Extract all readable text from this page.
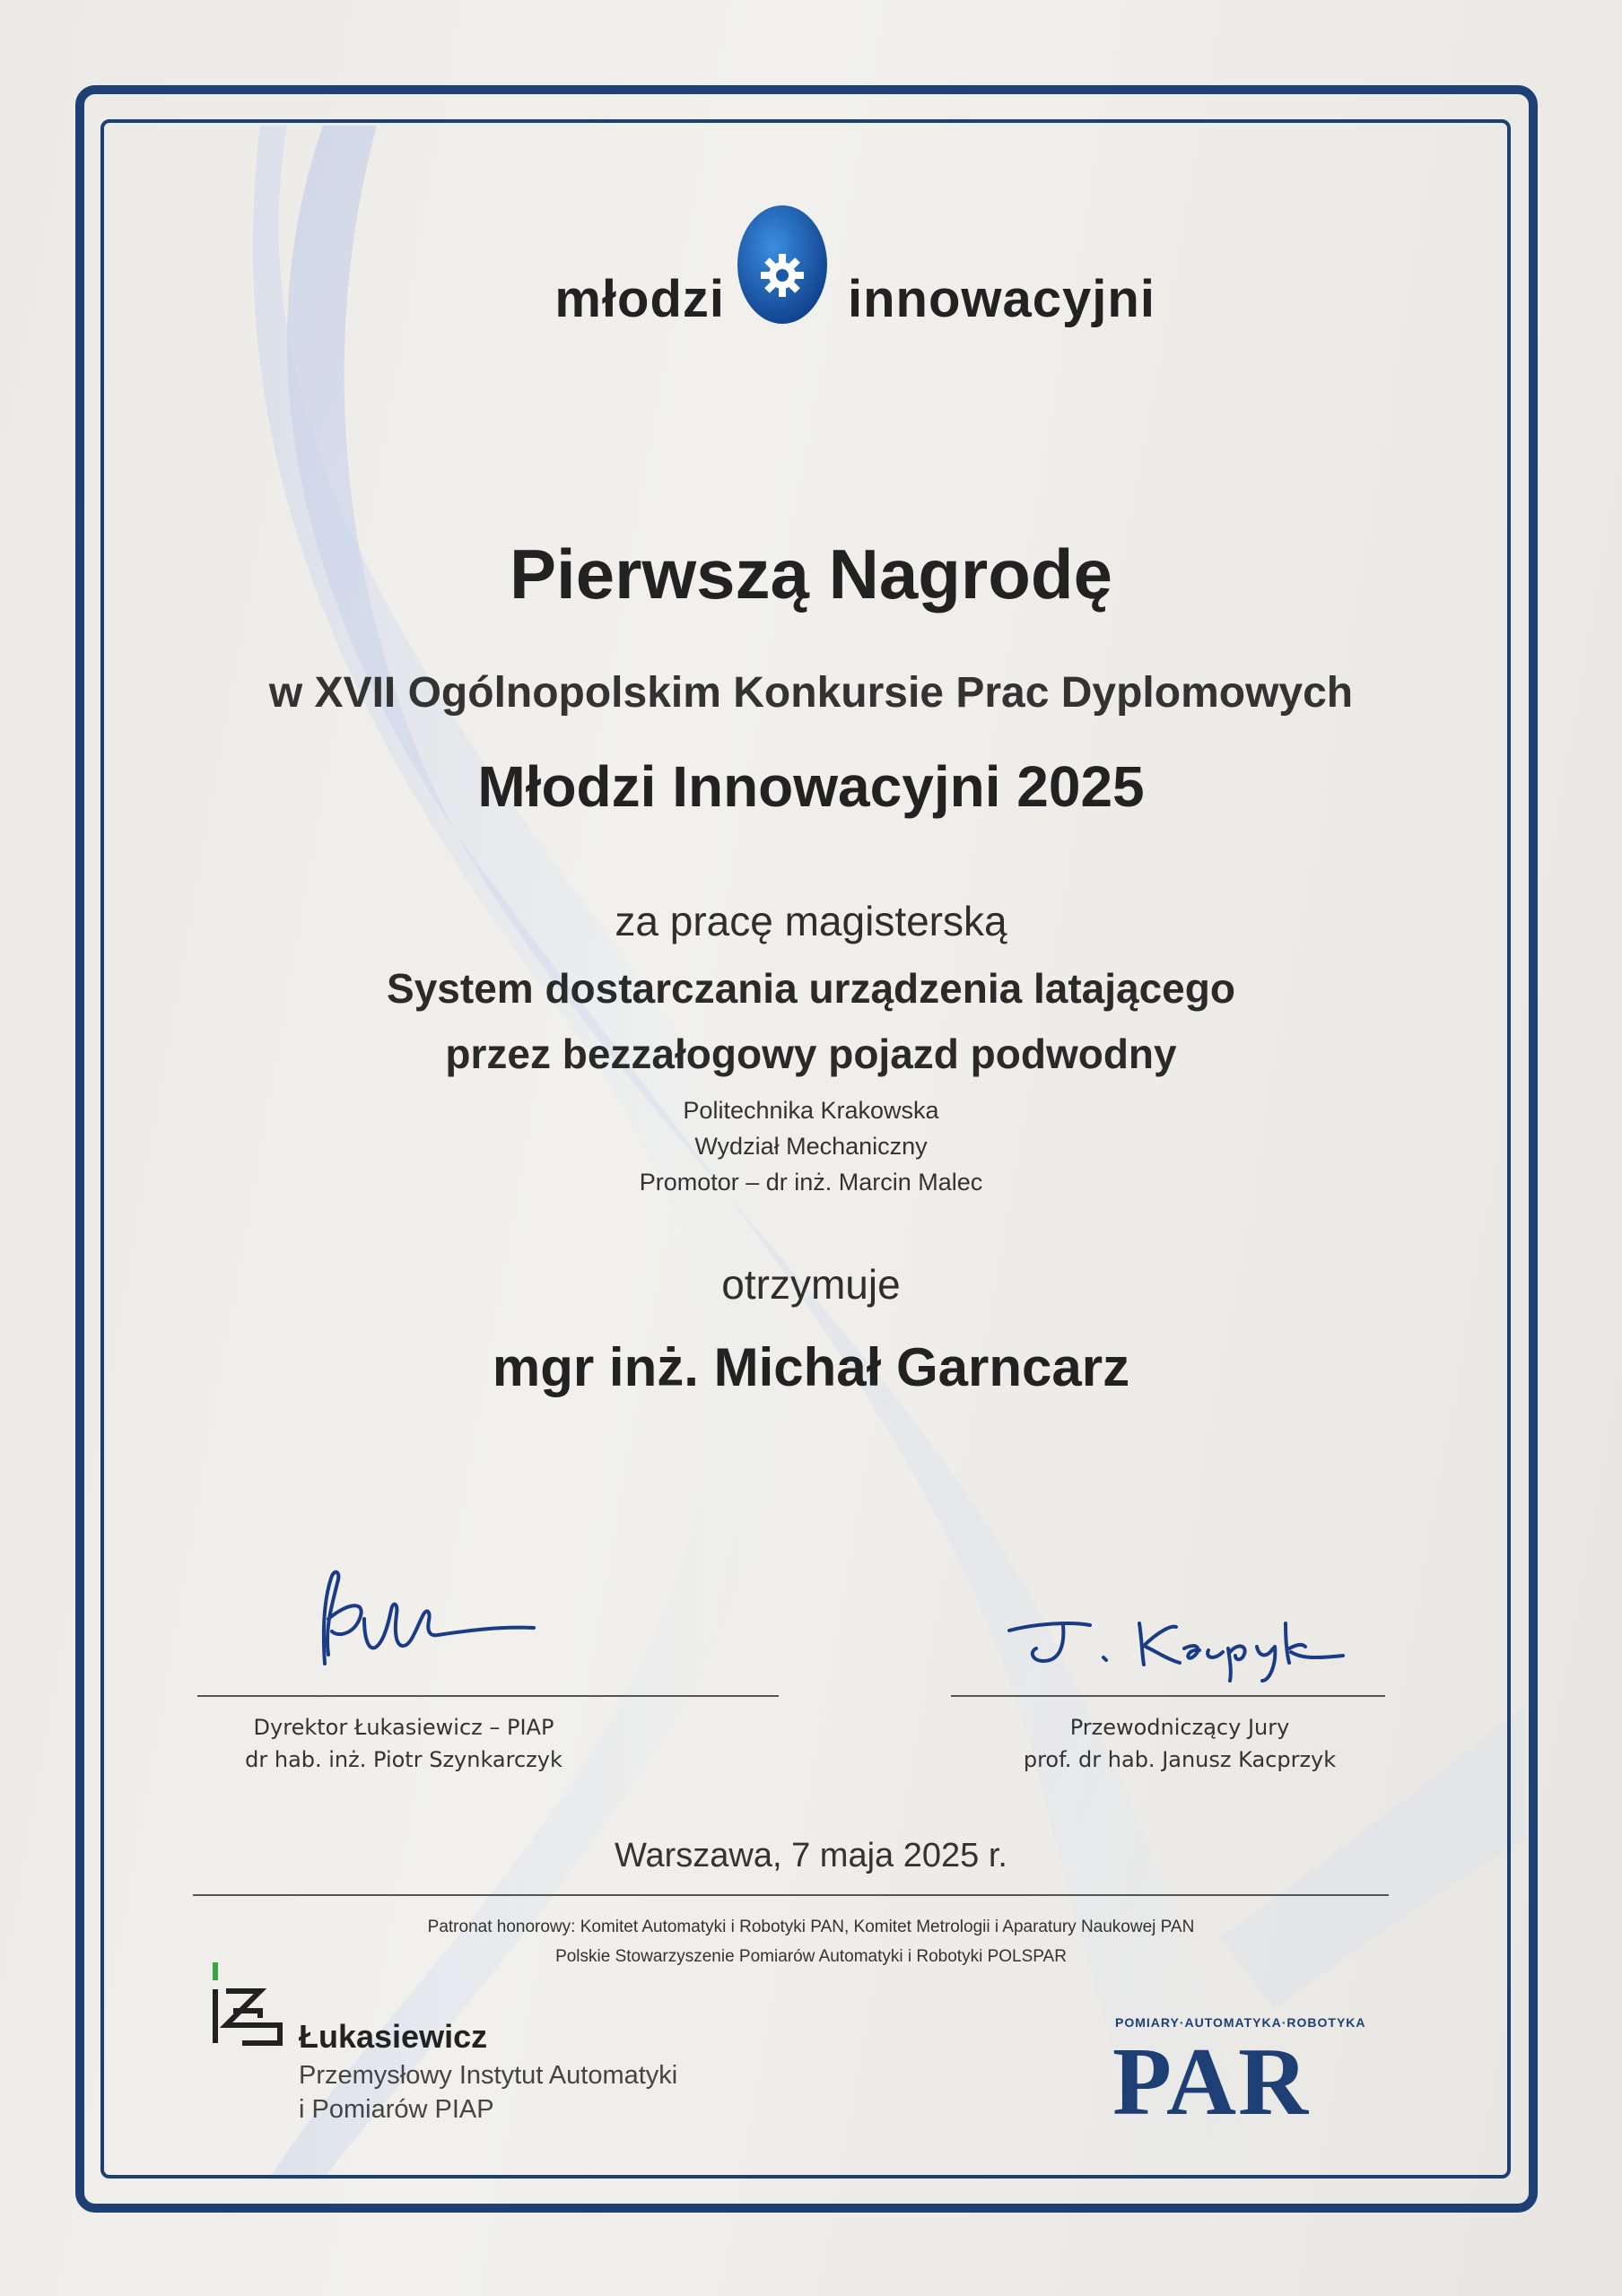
młodzi innowacyjni
Pierwszą Nagrodę
w XVII Ogólnopolskim Konkursie Prac Dyplomowych
Młodzi Innowacyjni 2025
za pracę magisterską
System dostarczania urządzenia latającego
przez bezzałogowy pojazd podwodny
Politechnika Krakowska
Wydział Mechaniczny
Promotor – dr inż. Marcin Malec
otrzymuje
mgr inż. Michał Garncarz
Dyrektor Łukasiewicz – PIAP
dr hab. inż. Piotr Szynkarczyk
Przewodniczący Jury
prof. dr hab. Janusz Kacprzyk
Warszawa, 7 maja 2025 r.
Patronat honorowy: Komitet Automatyki i Robotyki PAN, Komitet Metrologii i Aparatury Naukowej PAN
Polskie Stowarzyszenie Pomiarów Automatyki i Robotyki POLSPAR
Łukasiewicz
Przemysłowy Instytut Automatyki
i Pomiarów PIAP
POMIARY·AUTOMATYKA·ROBOTYKA
PAR
